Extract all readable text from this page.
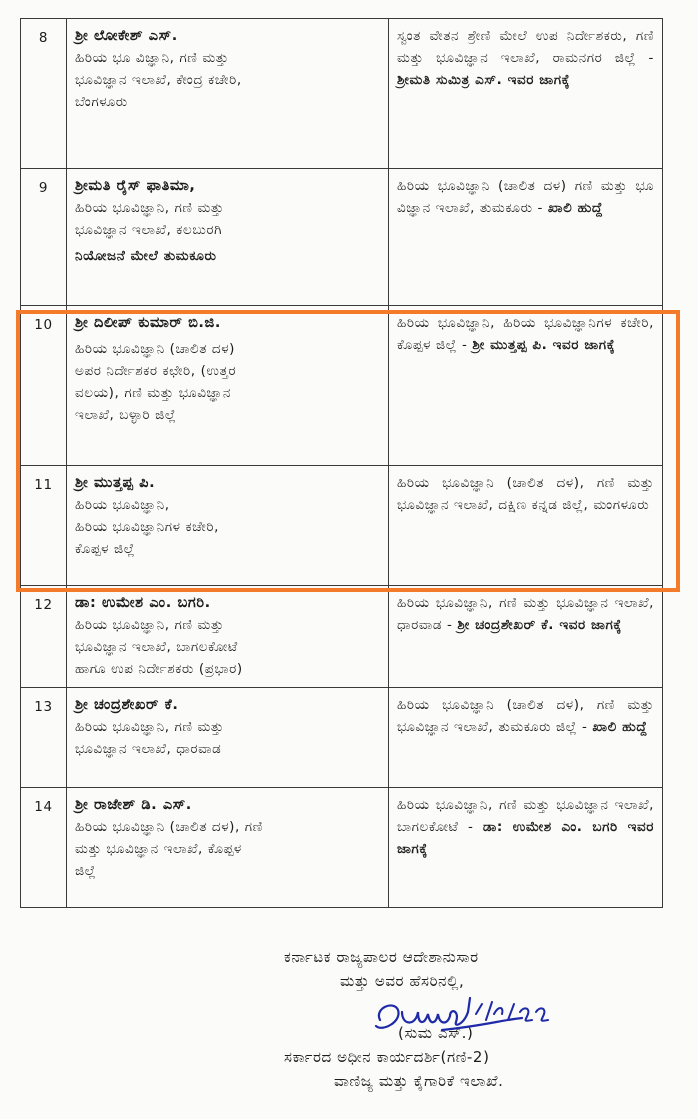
8	ಶ್ರೀ ಲೋಕೇಶ್ ಎಸ್.
ಹಿರಿಯ ಭೂ ವಿಜ್ಞಾನಿ, ಗಣಿ ಮತ್ತು
ಭೂವಿಜ್ಞಾನ ಇಲಾಖೆ, ಕೇಂದ್ರ ಕಚೇರಿ,
ಬೆಂಗಳೂರು	ಸ್ವಂತ ವೇತನ ಶ್ರೇಣಿ ಮೇಲೆ ಉಪ ನಿರ್ದೇಶಕರು, ಗಣಿ ಮತ್ತು ಭೂವಿಜ್ಞಾನ ಇಲಾಖೆ, ರಾಮನಗರ ಜಿಲ್ಲೆ - ಶ್ರೀಮತಿ ಸುಮಿತ್ರ ಎಸ್. ಇವರ ಜಾಗಕ್ಕೆ
9	ಶ್ರೀಮತಿ ರೈಸ್ ಫಾತಿಮಾ,
ಹಿರಿಯ ಭೂವಿಜ್ಞಾನಿ, ಗಣಿ ಮತ್ತು
ಭೂವಿಜ್ಞಾನ ಇಲಾಖೆ, ಕಲಬುರಗಿ
ನಿಯೋಜನೆ ಮೇಲೆ ತುಮಕೂರು	ಹಿರಿಯ ಭೂವಿಜ್ಞಾನಿ (ಚಾಲಿತ ದಳ) ಗಣಿ ಮತ್ತು ಭೂ ವಿಜ್ಞಾನ ಇಲಾಖೆ, ತುಮಕೂರು - ಖಾಲಿ ಹುದ್ದೆ
10	ಶ್ರೀ ದಿಲೀಪ್ ಕುಮಾರ್ ಬಿ.ಜಿ.
ಹಿರಿಯ ಭೂವಿಜ್ಞಾನಿ (ಚಾಲಿತ ದಳ)
ಅಪರ ನಿರ್ದೇಶಕರ ಕಛೇರಿ, (ಉತ್ತರ
ವಲಯ), ಗಣಿ ಮತ್ತು ಭೂವಿಜ್ಞಾನ
ಇಲಾಖೆ, ಬಳ್ಳಾರಿ ಜಿಲ್ಲೆ	ಹಿರಿಯ ಭೂವಿಜ್ಞಾನಿ, ಹಿರಿಯ ಭೂವಿಜ್ಞಾನಿಗಳ ಕಚೇರಿ, ಕೊಪ್ಪಳ ಜಿಲ್ಲೆ - ಶ್ರೀ ಮುತ್ತಪ್ಪ ಪಿ. ಇವರ ಜಾಗಕ್ಕೆ
11	ಶ್ರೀ ಮುತ್ತಪ್ಪ ಪಿ.
ಹಿರಿಯ ಭೂವಿಜ್ಞಾನಿ,
ಹಿರಿಯ ಭೂವಿಜ್ಞಾನಿಗಳ ಕಚೇರಿ,
ಕೊಪ್ಪಳ ಜಿಲ್ಲೆ	ಹಿರಿಯ ಭೂವಿಜ್ಞಾನಿ (ಚಾಲಿತ ದಳ), ಗಣಿ ಮತ್ತು ಭೂವಿಜ್ಞಾನ ಇಲಾಖೆ, ದಕ್ಷಿಣ ಕನ್ನಡ ಜಿಲ್ಲೆ, ಮಂಗಳೂರು
12	ಡಾ: ಉಮೇಶ ಎಂ. ಬಗರಿ.
ಹಿರಿಯ ಭೂವಿಜ್ಞಾನಿ, ಗಣಿ ಮತ್ತು
ಭೂವಿಜ್ಞಾನ ಇಲಾಖೆ, ಬಾಗಲಕೋಟೆ
ಹಾಗೂ ಉಪ ನಿರ್ದೇಶಕರು (ಪ್ರಭಾರ)	ಹಿರಿಯ ಭೂವಿಜ್ಞಾನಿ, ಗಣಿ ಮತ್ತು ಭೂವಿಜ್ಞಾನ ಇಲಾಖೆ, ಧಾರವಾಡ - ಶ್ರೀ ಚಂದ್ರಶೇಖರ್ ಕೆ. ಇವರ ಜಾಗಕ್ಕೆ
13	ಶ್ರೀ ಚಂದ್ರಶೇಖರ್ ಕೆ.
ಹಿರಿಯ ಭೂವಿಜ್ಞಾನಿ, ಗಣಿ ಮತ್ತು
ಭೂವಿಜ್ಞಾನ ಇಲಾಖೆ, ಧಾರವಾಡ	ಹಿರಿಯ ಭೂವಿಜ್ಞಾನಿ (ಚಾಲಿತ ದಳ), ಗಣಿ ಮತ್ತು ಭೂವಿಜ್ಞಾನ ಇಲಾಖೆ, ತುಮಕೂರು ಜಿಲ್ಲೆ - ಖಾಲಿ ಹುದ್ದೆ
14	ಶ್ರೀ ರಾಜೇಶ್ ಡಿ. ಎಸ್.
ಹಿರಿಯ ಭೂವಿಜ್ಞಾನಿ (ಚಾಲಿತ ದಳ), ಗಣಿ
ಮತ್ತು ಭೂವಿಜ್ಞಾನ ಇಲಾಖೆ, ಕೊಪ್ಪಳ
ಜಿಲ್ಲೆ	ಹಿರಿಯ ಭೂವಿಜ್ಞಾನಿ, ಗಣಿ ಮತ್ತು ಭೂವಿಜ್ಞಾನ ಇಲಾಖೆ, ಬಾಗಲಕೋಟೆ - ಡಾ: ಉಮೇಶ ಎಂ. ಬಗರಿ ಇವರ ಜಾಗಕ್ಕೆ
ಕರ್ನಾಟಕ ರಾಜ್ಯಪಾಲರ ಆದೇಶಾನುಸಾರ
ಮತ್ತು ಅವರ ಹೆಸರಿನಲ್ಲಿ,
(ಸುಮ ಎಸ್.)
ಸರ್ಕಾರದ ಅಧೀನ ಕಾರ್ಯದರ್ಶಿ(ಗಣಿ-2)
ವಾಣಿಜ್ಯ ಮತ್ತು ಕೈಗಾರಿಕೆ ಇಲಾಖೆ.
